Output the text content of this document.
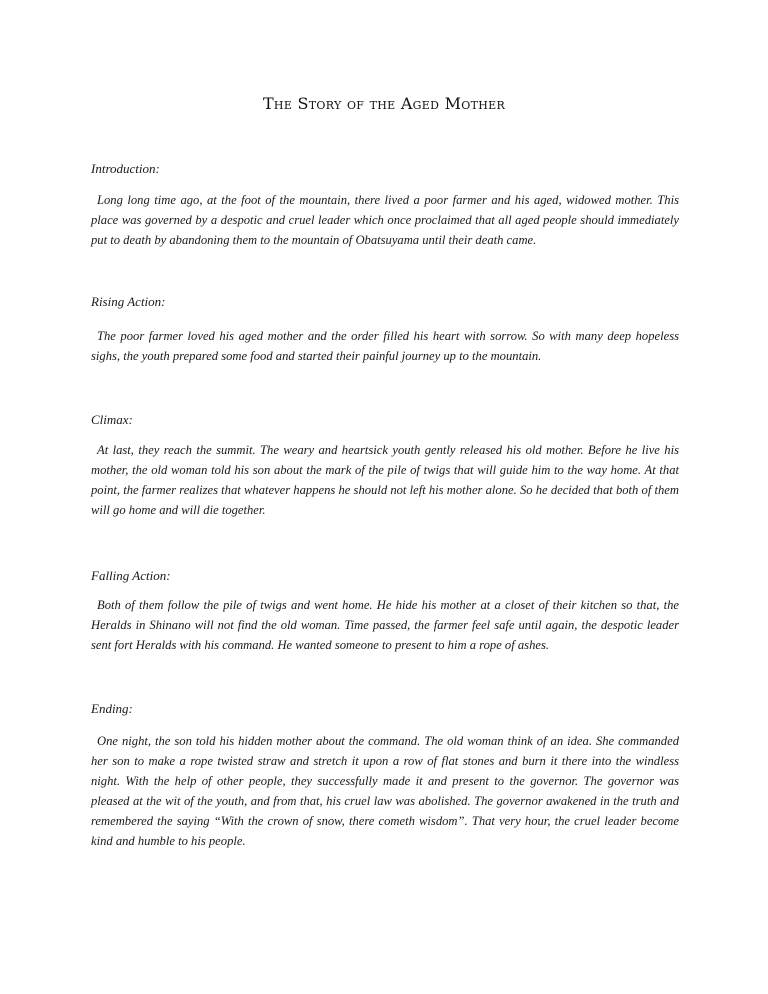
The Story of the Aged Mother
Introduction:
Long long time ago, at the foot of the mountain, there lived a poor farmer and his aged, widowed mother. This place was governed by a despotic and cruel leader which once proclaimed that all aged people should immediately put to death by abandoning them to the mountain of Obatsuyama until their death came.
Rising Action:
The poor farmer loved his aged mother and the order filled his heart with sorrow. So with many deep hopeless sighs, the youth prepared some food and started their painful journey up to the mountain.
Climax:
At last, they reach the summit. The weary and heartsick youth gently released his old mother. Before he live his mother, the old woman told his son about the mark of the pile of twigs that will guide him to the way home. At that point, the farmer realizes that whatever happens he should not left his mother alone. So he decided that both of them will go home and will die together.
Falling Action:
Both of them follow the pile of twigs and went home. He hide his mother at a closet of their kitchen so that, the Heralds in Shinano will not find the old woman. Time passed, the farmer feel safe until again, the despotic leader sent fort Heralds with his command. He wanted someone to present to him a rope of ashes.
Ending:
One night, the son told his hidden mother about the command. The old woman think of an idea. She commanded her son to make a rope twisted straw and stretch it upon a row of flat stones and burn it there into the windless night. With the help of other people, they successfully made it and present to the governor. The governor was pleased at the wit of the youth, and from that, his cruel law was abolished. The governor awakened in the truth and remembered the saying “With the crown of snow, there cometh wisdom”. That very hour, the cruel leader become kind and humble to his people.
